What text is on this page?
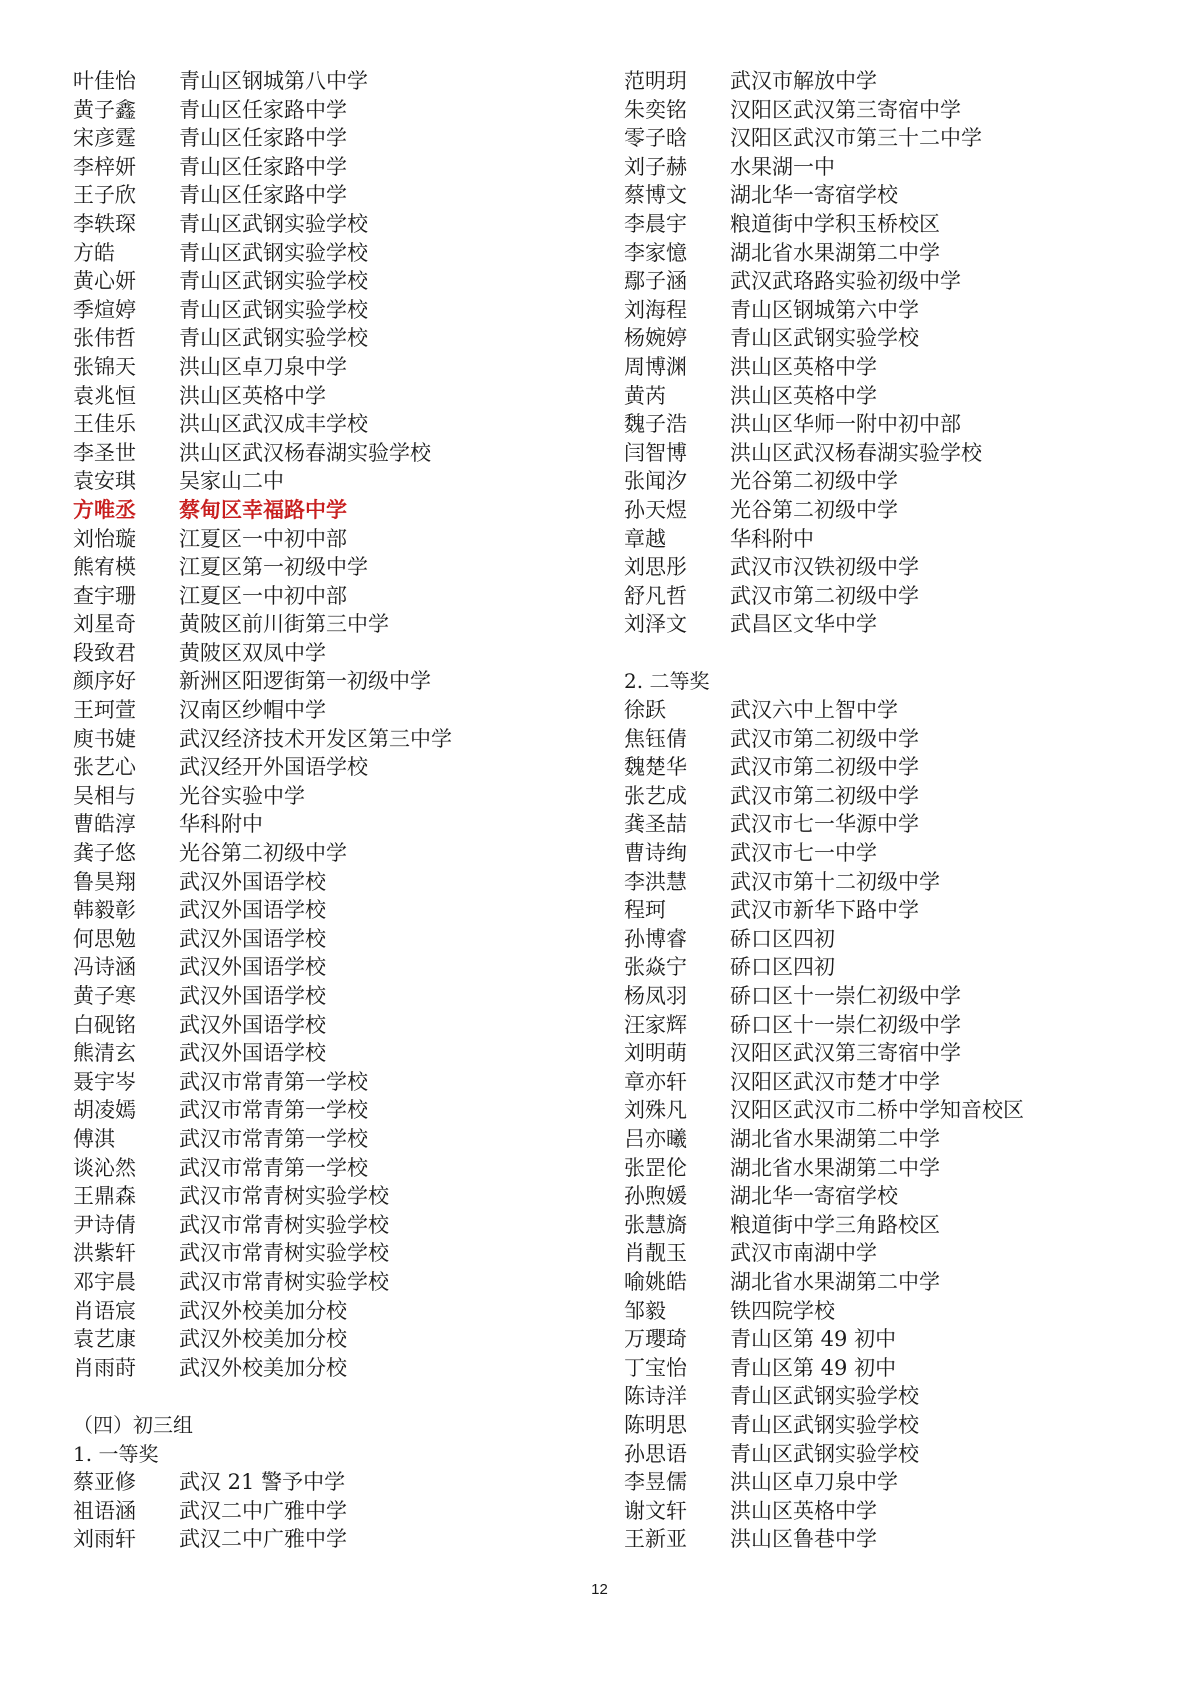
叶佳怡	青山区钢城第八中学
黄子鑫	青山区任家路中学
宋彦霆	青山区任家路中学
李梓妍	青山区任家路中学
王子欣	青山区任家路中学
李轶琛	青山区武钢实验学校
方皓	青山区武钢实验学校
黄心妍	青山区武钢实验学校
季煊婷	青山区武钢实验学校
张伟哲	青山区武钢实验学校
张锦天	洪山区卓刀泉中学
袁兆恒	洪山区英格中学
王佳乐	洪山区武汉成丰学校
李圣世	洪山区武汉杨春湖实验学校
袁安琪	吴家山二中
方唯丞	蔡甸区幸福路中学
刘怡璇	江夏区一中初中部
熊宥楧	江夏区第一初级中学
查宇珊	江夏区一中初中部
刘星奇	黄陂区前川街第三中学
段致君	黄陂区双凤中学
颜序好	新洲区阳逻街第一初级中学
王珂萱	汉南区纱帽中学
庾书婕	武汉经济技术开发区第三中学
张艺心	武汉经开外国语学校
吴相与	光谷实验中学
曹皓淳	华科附中
龚子悠	光谷第二初级中学
鲁昊翔	武汉外国语学校
韩毅彰	武汉外国语学校
何思勉	武汉外国语学校
冯诗涵	武汉外国语学校
黄子寒	武汉外国语学校
白砚铭	武汉外国语学校
熊清玄	武汉外国语学校
聂宇岑	武汉市常青第一学校
胡凌嫣	武汉市常青第一学校
傅淇	武汉市常青第一学校
谈沁然	武汉市常青第一学校
王鼎森	武汉市常青树实验学校
尹诗倩	武汉市常青树实验学校
洪紫轩	武汉市常青树实验学校
邓宇晨	武汉市常青树实验学校
肖语宸	武汉外校美加分校
袁艺康	武汉外校美加分校
肖雨莳	武汉外校美加分校
（四）初三组
1. 一等奖
蔡亚修	武汉 21 警予中学
祖语涵	武汉二中广雅中学
刘雨轩	武汉二中广雅中学
范明玥	武汉市解放中学
朱奕铭	汉阳区武汉第三寄宿中学
零子晗	汉阳区武汉市第三十二中学
刘子赫	水果湖一中
蔡博文	湖北华一寄宿学校
李晨宇	粮道街中学积玉桥校区
李家憶	湖北省水果湖第二中学
鄢子涵	武汉武珞路实验初级中学
刘海程	青山区钢城第六中学
杨婉婷	青山区武钢实验学校
周博渊	洪山区英格中学
黄芮	洪山区英格中学
魏子浩	洪山区华师一附中初中部
闫智博	洪山区武汉杨春湖实验学校
张闻汐	光谷第二初级中学
孙天煜	光谷第二初级中学
章越	华科附中
刘思彤	武汉市汉铁初级中学
舒凡哲	武汉市第二初级中学
刘泽文	武昌区文华中学
2. 二等奖
徐跃	武汉六中上智中学
焦钰倩	武汉市第二初级中学
魏楚华	武汉市第二初级中学
张艺成	武汉市第二初级中学
龚圣喆	武汉市七一华源中学
曹诗绚	武汉市七一中学
李洪慧	武汉市第十二初级中学
程珂	武汉市新华下路中学
孙博睿	硚口区四初
张焱宁	硚口区四初
杨凤羽	硚口区十一崇仁初级中学
汪家辉	硚口区十一崇仁初级中学
刘明萌	汉阳区武汉第三寄宿中学
章亦轩	汉阳区武汉市楚才中学
刘殊凡	汉阳区武汉市二桥中学知音校区
吕亦曦	湖北省水果湖第二中学
张罡伦	湖北省水果湖第二中学
孙煦媛	湖北华一寄宿学校
张慧旖	粮道街中学三角路校区
肖靓玉	武汉市南湖中学
喻姚皓	湖北省水果湖第二中学
邹毅	铁四院学校
万瓔琦	青山区第 49 初中
丁宝怡	青山区第 49 初中
陈诗洋	青山区武钢实验学校
陈明思	青山区武钢实验学校
孙思语	青山区武钢实验学校
李昱儒	洪山区卓刀泉中学
谢文轩	洪山区英格中学
王新亚	洪山区鲁巷中学
12
